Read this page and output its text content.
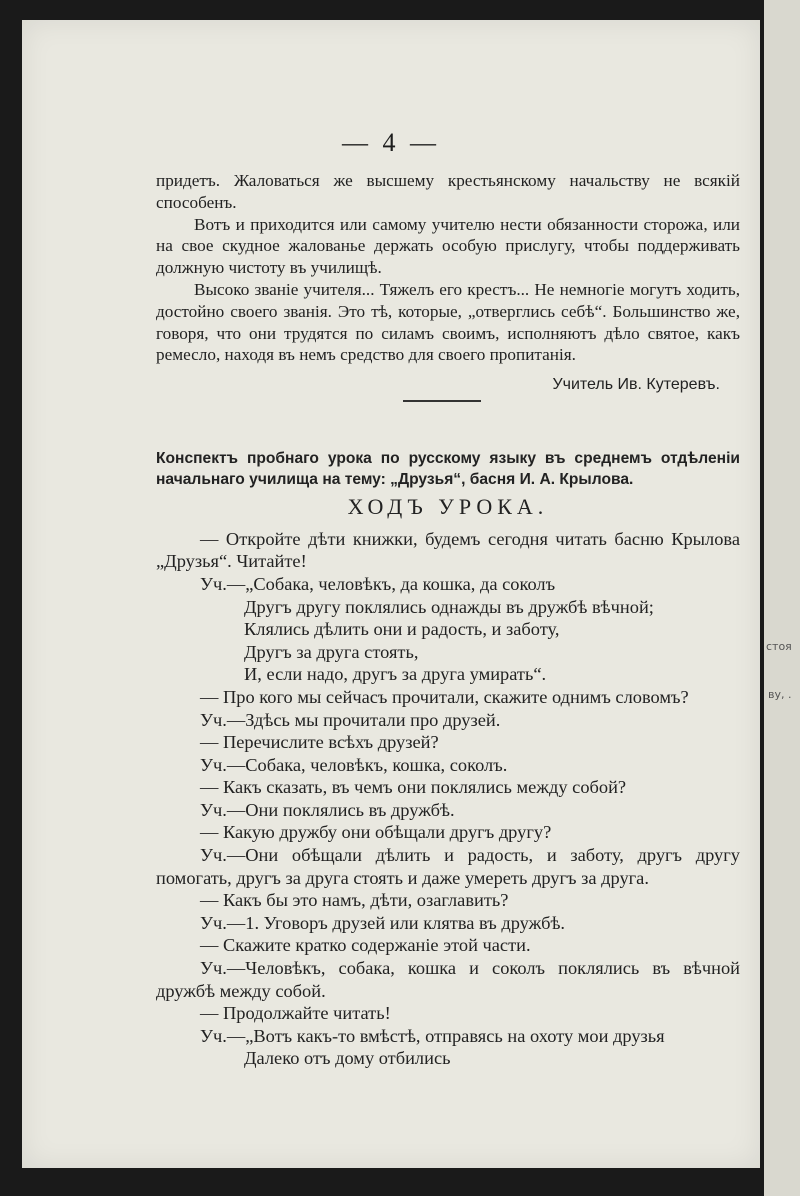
— 4 —

придетъ. Жаловаться же высшему крестьянскому начальству не всякій способенъ.

Вотъ и приходится или самому учителю нести обязанности сторожа, или на свое скудное жалованье держать особую прислугу, чтобы поддерживать должную чистоту въ училищѣ.

Высоко званіе учителя... Тяжелъ его крестъ... Не немногіе могутъ ходить, достойно своего званія. Это тѣ, которые, „отверглись себѣ“. Большинство же, говоря, что они трудятся по силамъ своимъ, исполняютъ дѣло святое, какъ ремесло, находя въ немъ средство для своего пропитанія.

Учитель Ив. Кутеревъ.
Конспектъ пробнаго урока по русскому языку въ среднемъ отдѣленіи начальнаго училища на тему: „Друзья“, басня И. А. Крылова.
ХОДЪ УРОКА.

— Откройте дѣти книжки, будемъ сегодня читать басню Крылова „Друзья“. Читайте!

Уч.—„Собака, человѣкъ, да кошка, да соколъ

Другъ другу поклялись однажды въ дружбѣ вѣчной;

Клялись дѣлить они и радость, и заботу,

Другъ за друга стоять,

И, если надо, другъ за друга умирать“.

— Про кого мы сейчасъ прочитали, скажите однимъ словомъ?

Уч.—Здѣсь мы прочитали про друзей.

— Перечислите всѣхъ друзей?

Уч.—Собака, человѣкъ, кошка, соколъ.

— Какъ сказать, въ чемъ они поклялись между собой?

Уч.—Они поклялись въ дружбѣ.

— Какую дружбу они обѣщали другъ другу?

Уч.—Они обѣщали дѣлить и радость, и заботу, другъ другу помогать, другъ за друга стоять и даже умереть другъ за друга.

— Какъ бы это намъ, дѣти, озаглавить?

Уч.—1. Уговоръ друзей или клятва въ дружбѣ.

— Скажите кратко содержаніе этой части.

Уч.—Человѣкъ, собака, кошка и соколъ поклялись въ вѣчной дружбѣ между собой.

— Продолжайте читать!

Уч.—„Вотъ какъ-то вмѣстѣ, отправясь на охоту мои друзья

Далеко отъ дому отбились

стоя
ву, .
